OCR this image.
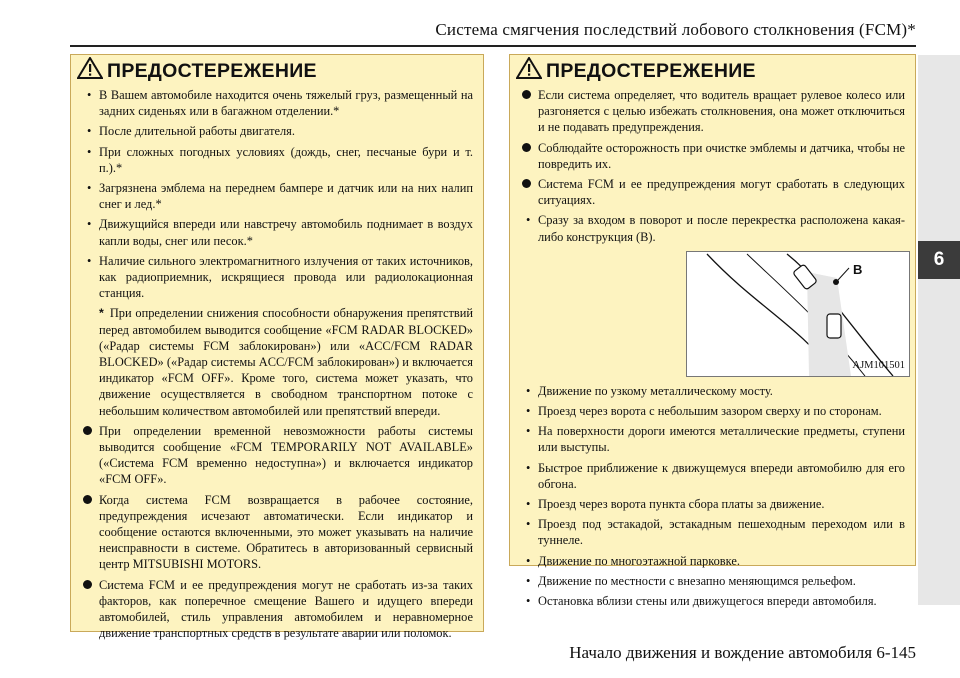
Система смягчения последствий лобового столкновения (FCM)*
6
ПРЕДОСТЕРЕЖЕНИЕ
• В Вашем автомобиле находится очень тяжелый груз, размещенный на задних сиденьях или в багажном отделении.*
• После длительной работы двигателя.
• При сложных погодных условиях (дождь, снег, песчаные бури и т. п.).*
• Загрязнена эмблема на переднем бампере и датчик или на них налип снег и лед.*
• Движущийся впереди или навстречу автомобиль поднимает в воздух капли воды, снег или песок.*
• Наличие сильного электромагнитного излучения от таких источников, как радиоприемник, искрящиеся провода или радиолокационная станция.
* При определении снижения способности обнаружения препятствий перед автомобилем выводится сообщение «FCM RADAR BLOCKED» («Радар системы FCM заблокирован») или «ACC/FCM RADAR BLOCKED» («Радар системы ACC/FCM заблокирован») и включается индикатор «FCM OFF». Кроме того, система может указать, что движение осуществляется в свободном транспортном потоке с небольшим количеством автомобилей или препятствий впереди.
При определении временной невозможности работы системы выводится сообщение «FCM TEMPORARILY NOT AVAILABLE» («Система FCM временно недоступна») и включается индикатор «FCM OFF».
Когда система FCM возвращается в рабочее состояние, предупреждения исчезают автоматически. Если индикатор и сообщение остаются включенными, это может указывать на наличие неисправности в системе. Обратитесь в авторизованный сервисный центр MITSUBISHI MOTORS.
Система FCM и ее предупреждения могут не сработать из-за таких факторов, как поперечное смещение Вашего и идущего впереди автомобилей, стиль управления автомобилем и неравномерное движение транспортных средств в результате аварии или поломок.
ПРЕДОСТЕРЕЖЕНИЕ
Если система определяет, что водитель вращает рулевое колесо или разгоняется с целью избежать столкновения, она может отключиться и не подавать предупреждения.
Соблюдайте осторожность при очистке эмблемы и датчика, чтобы не повредить их.
Система FCM и ее предупреждения могут сработать в следующих ситуациях.
• Сразу за входом в поворот и после перекрестка расположена какая-либо конструкция (B).
B
AJM101501
• Движение по узкому металлическому мосту.
• Проезд через ворота с небольшим зазором сверху и по сторонам.
• На поверхности дороги имеются металлические предметы, ступени или выступы.
• Быстрое приближение к движущемуся впереди автомобилю для его обгона.
• Проезд через ворота пункта сбора платы за движение.
• Проезд под эстакадой, эстакадным пешеходным переходом или в туннеле.
• Движение по многоэтажной парковке.
• Движение по местности с внезапно меняющимся рельефом.
• Остановка вблизи стены или движущегося впереди автомобиля.
Начало движения и вождение автомобиля 6-145
